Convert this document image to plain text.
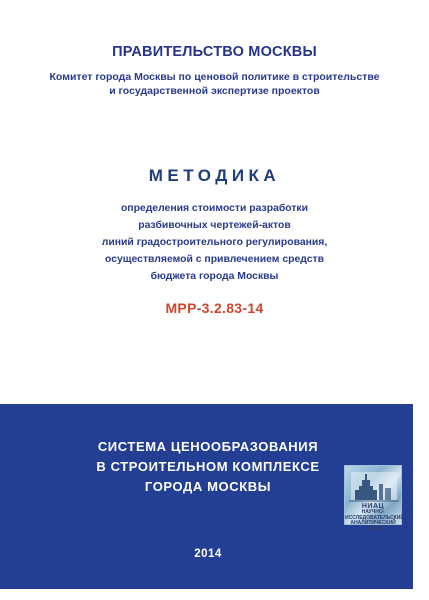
ПРАВИТЕЛЬСТВО МОСКВЫ
Комитет города Москвы по ценовой политике в строительстве
и государственной экспертизе проектов
МЕТОДИКА
определения стоимости разработки
разбивочных чертежей-актов
линий градостроительного регулирования,
осуществляемой с привлечением средств
бюджета города Москвы
МРР-3.2.83-14
СИСТЕМА ЦЕНООБРАЗОВАНИЯ
В СТРОИТЕЛЬНОМ КОМПЛЕКСЕ
ГОРОДА МОСКВЫ
НИАЦ
НАУЧНО-
ИССЛЕДОВАТЕЛЬСКИЙ
АНАЛИТИЧЕСКИЙ
ЦЕНТР
2014
